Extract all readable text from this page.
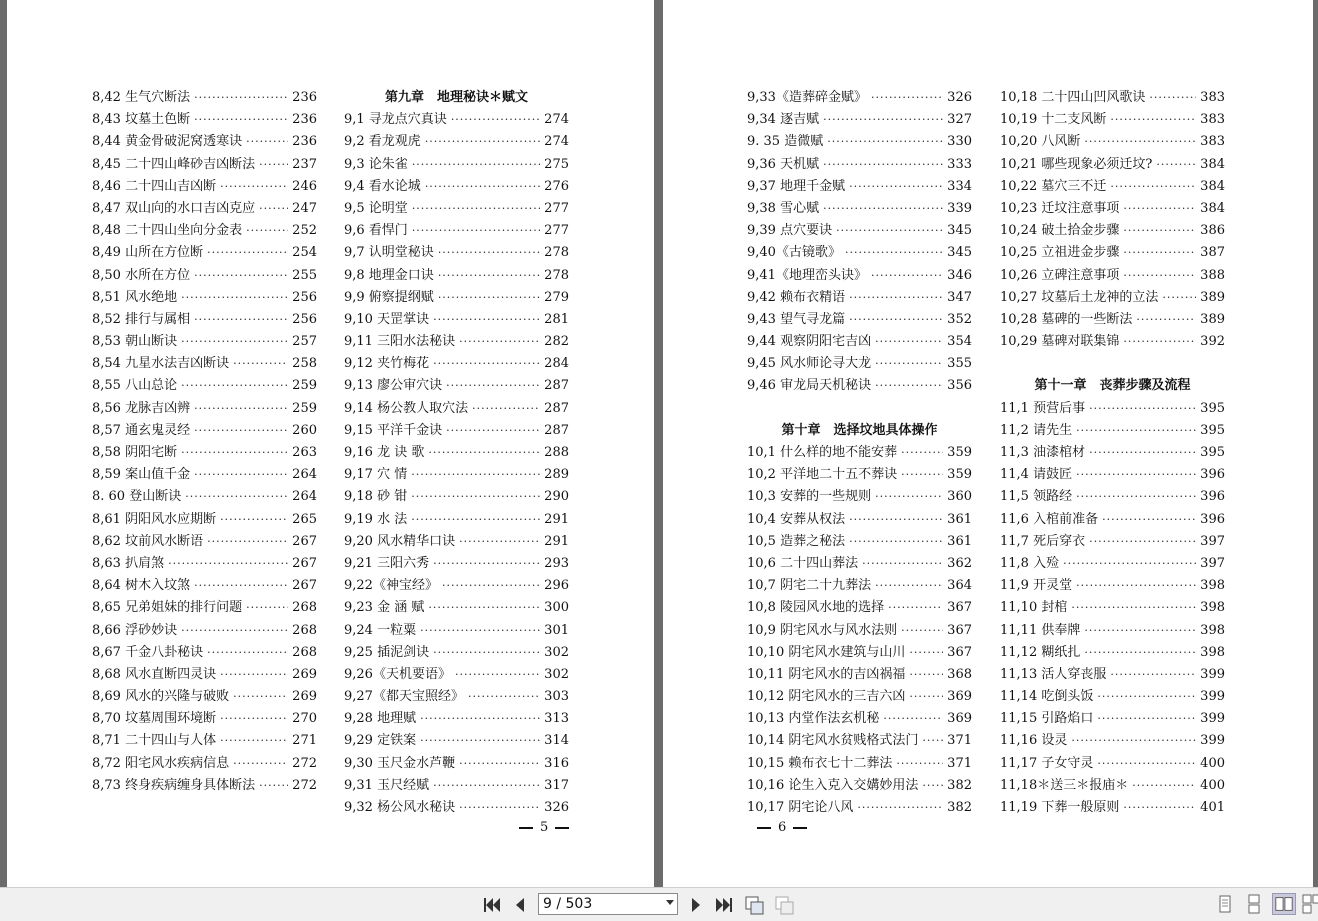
8,42 生气穴断法 ·····	236
8,43 坟墓土色断 ·····	236
8,44 黄金骨破泥窝透寒诀 ·····	236
8,45 二十四山峰砂吉凶断法 ·····	237
8,46 二十四山吉凶断 ·····	246
8,47 双山向的水口吉凶克应 ·····	247
8,48 二十四山坐向分金表 ·····	252
8,49 山所在方位断 ·····	254
8,50 水所在方位 ·····	255
8,51 风水绝地 ·····	256
8,52 排行与属相 ·····	256
8,53 朝山断诀 ·····	257
8,54 九星水法吉凶断诀 ·····	258
8,55 八山总论 ·····	259
8,56 龙脉吉凶辨 ·····	259
8,57 通玄鬼灵经 ·····	260
8,58 阴阳宅断 ·····	263
8,59 案山值千金 ·····	264
8. 60 登山断诀 ·····	264
8,61 阴阳风水应期断 ·····	265
8,62 坟前风水断语 ·····	267
8,63 扒肩煞 ·····	267
8,64 树木入坟煞 ·····	267
8,65 兄弟姐妹的排行问题 ·····	268
8,66 浮砂妙诀 ·····	268
8,67 千金八卦秘诀 ·····	268
8,68 风水直断四灵诀 ·····	269
8,69 风水的兴隆与破败 ·····	269
8,70 坟墓周围环境断 ·····	270
8,71 二十四山与人体 ·····	271
8,72 阳宅风水疾病信息 ·····	272
8,73 终身疾病缠身具体断法 ·····	272
第九章　地理秘诀＊赋文
9,1 寻龙点穴真诀 ·····	274
9,2 看龙观虎 ·····	274
9,3 论朱雀 ·····	275
9,4 看水论城 ·····	276
9,5 论明堂 ·····	277
9,6 看悍门 ·····	277
9,7 认明堂秘诀 ·····	278
9,8 地理金口诀 ·····	278
9,9 俯察提纲赋 ·····	279
9,10 天罡掌诀 ·····	281
9,11 三阳水法秘诀 ·····	282
9,12 夹竹梅花 ·····	284
9,13 廖公审穴诀 ·····	287
9,14 杨公教人取穴法 ·····	287
9,15 平洋千金诀 ·····	287
9,16 龙 诀 歌 ·····	288
9,17 穴 情 ·····	289
9,18 砂 钳 ·····	290
9,19 水 法 ·····	291
9,20 风水精华口诀 ·····	291
9,21 三阳六秀 ·····	293
9,22《神宝经》 ·····	296
9,23 金 涵 赋 ·····	300
9,24 一粒粟 ·····	301
9,25 插泥剑诀 ·····	302
9,26《天机要语》 ·····	302
9,27《都天宝照经》 ·····	303
9,28 地理赋 ·····	313
9,29 定铁案 ·····	314
9,30 玉尺金水芦鞭 ·····	316
9,31 玉尺经赋 ·····	317
9,32 杨公风水秘诀 ·····	326
5
9,33《造葬碎金赋》 ·····	326
9,34 逐吉赋 ·····	327
9. 35 造微赋 ·····	330
9,36 天机赋 ·····	333
9,37 地理千金赋 ·····	334
9,38 雪心赋 ·····	339
9,39 点穴要诀 ·····	345
9,40《古镜歌》 ·····	345
9,41《地理峦头诀》 ·····	346
9,42 赖布衣精语 ·····	347
9,43 望气寻龙篇 ·····	352
9,44 观察阴阳宅吉凶 ·····	354
9,45 风水师论寻大龙 ·····	355
9,46 审龙局天机秘诀 ·····	356
第十章　选择坟地具体操作
10,1 什么样的地不能安葬 ·····	359
10,2 平洋地二十五不葬诀 ·····	359
10,3 安葬的一些规则 ·····	360
10,4 安葬从权法 ·····	361
10,5 造葬之秘法 ·····	361
10,6 二十四山葬法 ·····	362
10,7 阴宅二十九葬法 ·····	364
10,8 陵园风水地的选择 ·····	367
10,9 阴宅风水与风水法则 ·····	367
10,10 阴宅风水建筑与山川 ·····	367
10,11 阴宅风水的吉凶祸福 ·····	368
10,12 阴宅风水的三吉六凶 ·····	369
10,13 内堂作法玄机秘 ·····	369
10,14 阴宅风水贫贱格式法门 ····· 371
10,15 赖布衣七十二葬法 ·····	371
10,16 论生入克入交媾妙用法 ····· 382
10,17 阴宅论八风 ·····	382
10,18 二十四山凹风歌诀 ·····	383
10,19 十二支风断 ·····	383
10,20 八风断 ·····	383
10,21 哪些现象必须迁坟? ·····	384
10,22 墓穴三不迁 ·····	384
10,23 迁坟注意事项 ·····	384
10,24 破土拾金步骤 ·····	386
10,25 立祖进金步骤 ·····	387
10,26 立碑注意事项 ·····	388
10,27 坟墓后土龙神的立法 ·····	389
10,28 墓碑的一些断法 ·····	389
10,29 墓碑对联集锦 ·····	392
第十一章　丧葬步骤及流程
11,1 预营后事 ·····	395
11,2 请先生 ·····	395
11,3 油漆棺材 ·····	395
11,4 请鼓匠 ·····	396
11,5 领路经 ·····	396
11,6 入棺前准备 ·····	396
11,7 死后穿衣 ·····	397
11,8 入殓 ·····	397
11,9 开灵堂 ·····	398
11,10 封棺 ·····	398
11,11 供奉牌 ·····	398
11,12 糊纸扎 ·····	398
11,13 活人穿丧服 ·····	399
11,14 吃倒头饭 ·····	399
11,15 引路焰口 ·····	399
11,16 设灵 ·····	399
11,17 子女守灵 ·····	400
11,18＊送三＊报庙＊ ·····	400
11,19 下葬一般原则 ·····	401
6
9 / 503
